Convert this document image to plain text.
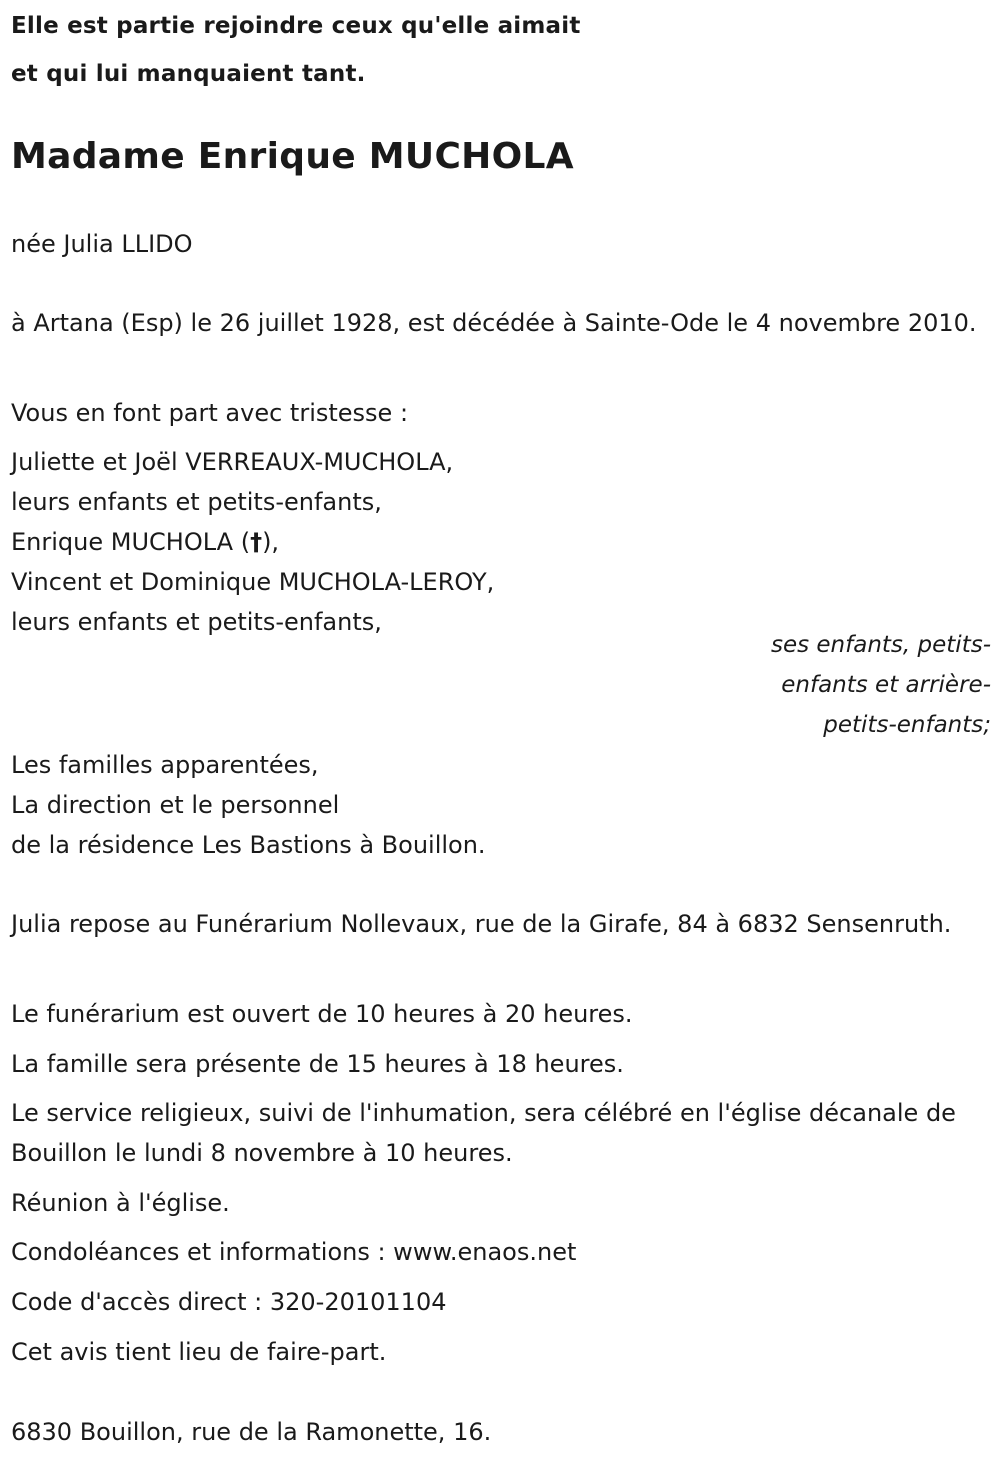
Elle est partie rejoindre ceux qu'elle aimait
et qui lui manquaient tant.
Madame Enrique MUCHOLA

née Julia LLIDO

à Artana (Esp) le 26 juillet 1928, est décédée à Sainte-Ode le 4 novembre 2010.

Vous en font part avec tristesse :

Juliette et Joël VERREAUX-MUCHOLA,
leurs enfants et petits-enfants,
Enrique MUCHOLA (†),
Vincent et Dominique MUCHOLA-LEROY,
leurs enfants et petits-enfants,
ses enfants, petits-
enfants et arrière-
petits-enfants;
Les familles apparentées,
La direction et le personnel
de la résidence Les Bastions à Bouillon.

Julia repose au Funérarium Nollevaux, rue de la Girafe, 84 à 6832 Sensenruth.

Le funérarium est ouvert de 10 heures à 20 heures.

La famille sera présente de 15 heures à 18 heures.

Le service religieux, suivi de l'inhumation, sera célébré en l'église décanale de Bouillon le lundi 8 novembre à 10 heures.

Réunion à l'église.

Condoléances et informations : www.enaos.net

Code d'accès direct : 320-20101104

Cet avis tient lieu de faire-part.

6830 Bouillon, rue de la Ramonette, 16.
